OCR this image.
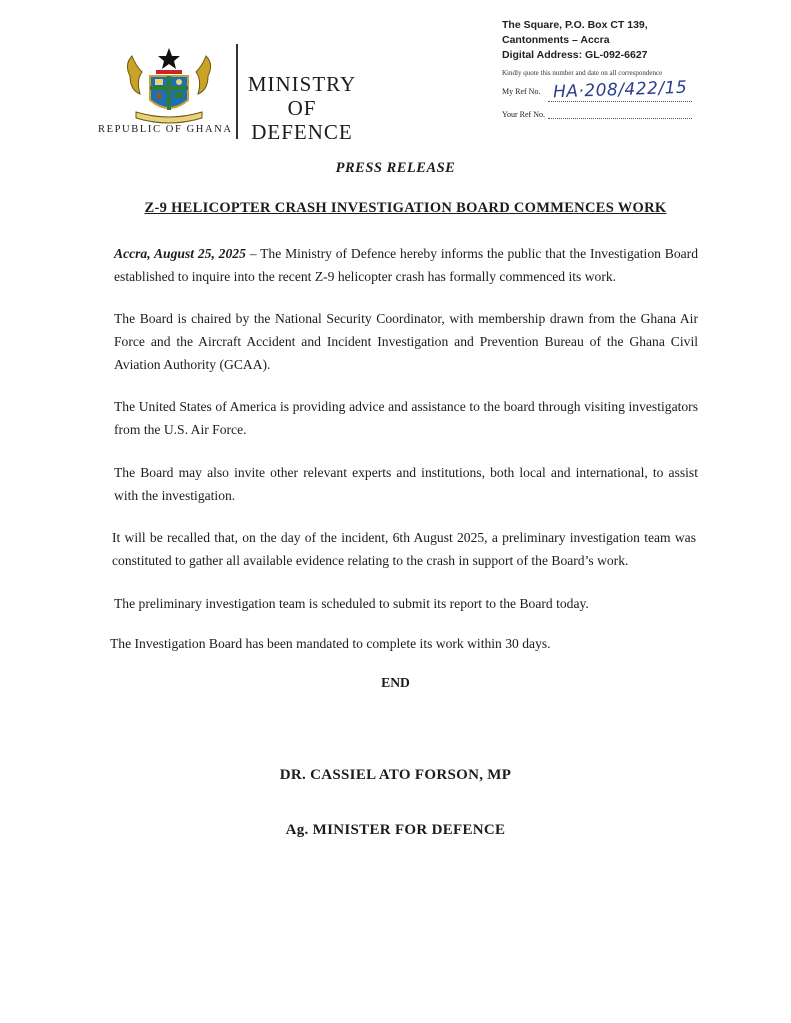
REPUBLIC OF GHANA
MINISTRY
OF
DEFENCE
The Square, P.O. Box CT 139,
Cantonments – Accra
Digital Address: GL-092-6627
Kindly quote this number and date on all correspondence
My Ref No. HA·208/422/15
Your Ref No.
PRESS RELEASE
Z-9 HELICOPTER CRASH INVESTIGATION BOARD COMMENCES WORK
Accra, August 25, 2025 – The Ministry of Defence hereby informs the public that the Investigation Board established to inquire into the recent Z-9 helicopter crash has formally commenced its work.
The Board is chaired by the National Security Coordinator, with membership drawn from the Ghana Air Force and the Aircraft Accident and Incident Investigation and Prevention Bureau of the Ghana Civil Aviation Authority (GCAA).
The United States of America is providing advice and assistance to the board through visiting investigators from the U.S. Air Force.
The Board may also invite other relevant experts and institutions, both local and international, to assist with the investigation.
It will be recalled that, on the day of the incident, 6th August 2025, a preliminary investigation team was constituted to gather all available evidence relating to the crash in support of the Board’s work.
The preliminary investigation team is scheduled to submit its report to the Board today.
The Investigation Board has been mandated to complete its work within 30 days.
END
DR. CASSIEL ATO FORSON, MP
Ag. MINISTER FOR DEFENCE
